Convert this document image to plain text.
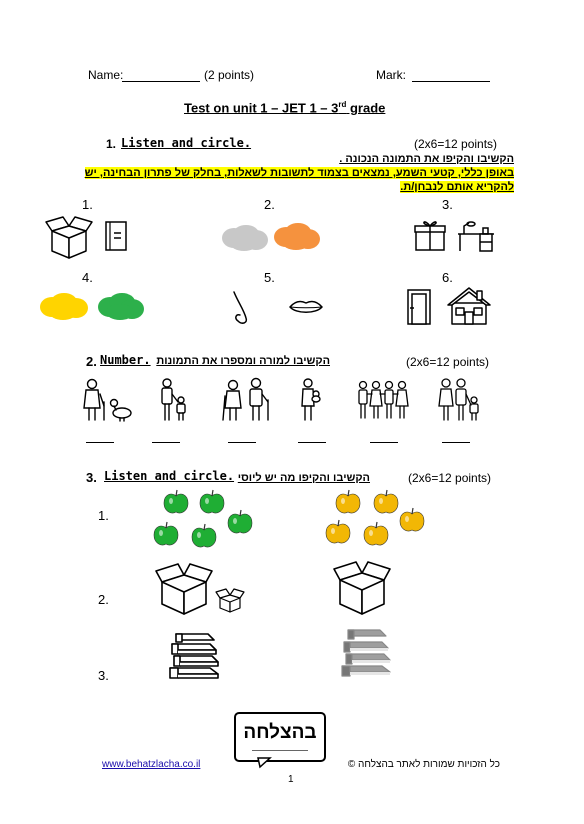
Name:	(2 points)	Mark:
Test on unit 1 – JET 1 – 3rd grade
1. Listen and circle.	(2x6=12 points)
הקשיבו והקיפו את התמונה הנכונה .
באופן כללי, קטעי השמע, נמצאים בצמוד לתשובות לשאלות, בחלק של פתרון הבחינה, יש
להקריא אותם לנבחן/ת.
1.	2.	3.
4.	5.	6.
2. Number. הקשיבו למורה ומספרו את התמונות	(2x6=12 points)
3. Listen and circle. הקשיבו והקיפו מה יש ליוסי	(2x6=12 points)
1.
2.
3.
בהצלחה
www.behatzlacha.co.il	כל הזכויות שמורות לאתר בהצלחה ©
1
